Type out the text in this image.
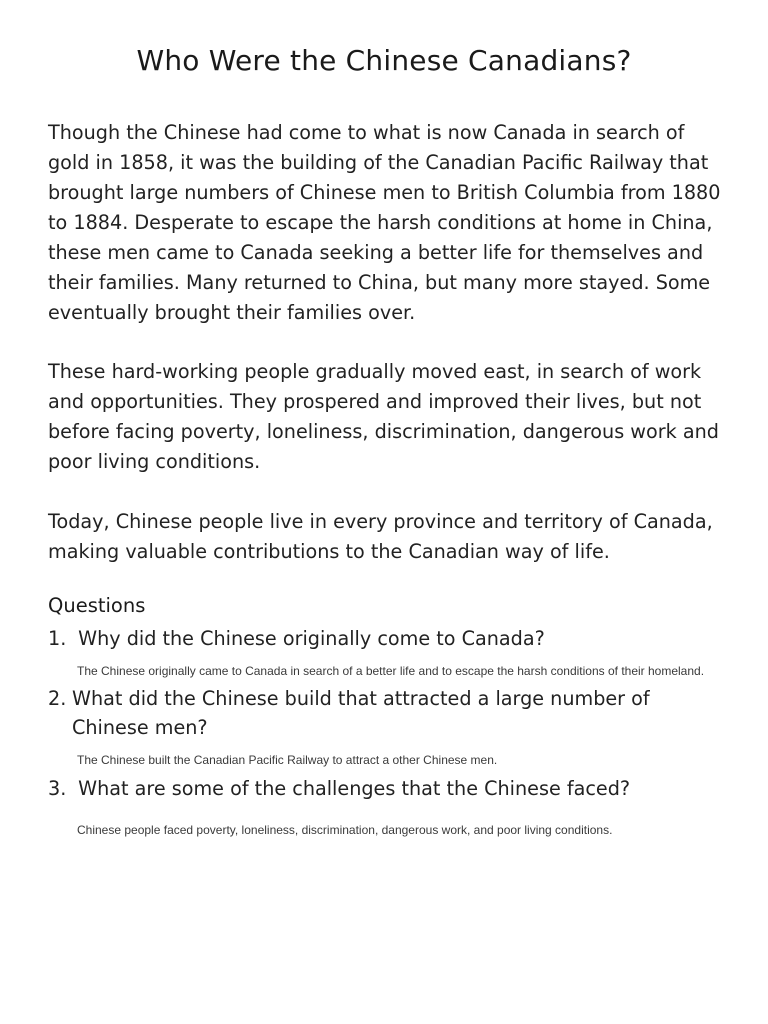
Who Were the Chinese Canadians?

Though the Chinese had come to what is now Canada in search of gold in 1858, it was the building of the Canadian Pacific Railway that brought large numbers of Chinese men to British Columbia from 1880 to 1884. Desperate to escape the harsh conditions at home in China, these men came to Canada seeking a better life for themselves and their families. Many returned to China, but many more stayed. Some eventually brought their families over.

These hard-working people gradually moved east, in search of work and opportunities. They prospered and improved their lives, but not before facing poverty, loneliness, discrimination, dangerous work and poor living conditions.

Today, Chinese people live in every province and territory of Canada, making valuable contributions to the Canadian way of life.

Questions
1. Why did the Chinese originally come to Canada?

The Chinese originally came to Canada in search of a better life and to escape the harsh conditions of their homeland.

2. What did the Chinese build that attracted a large number of Chinese men?

The Chinese built the Canadian Pacific Railway to attract a other Chinese men.

3. What are some of the challenges that the Chinese faced?

Chinese people faced poverty, loneliness, discrimination, dangerous work, and poor living conditions.
